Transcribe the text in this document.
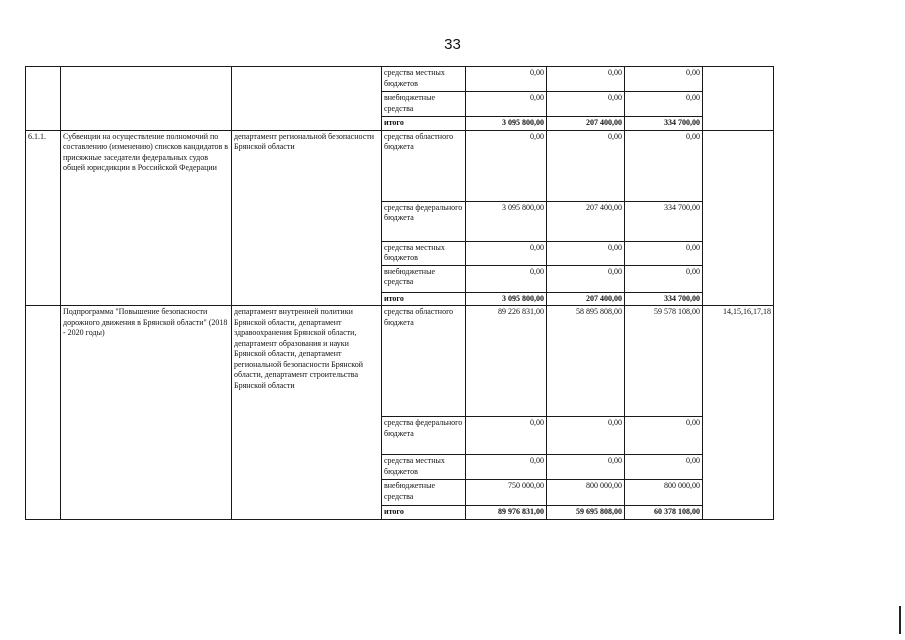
33
			средства местных бюджетов	0,00	0,00	0,00	
			внебюджетные средства	0,00	0,00	0,00	
			итого	3 095 800,00	207 400,00	334 700,00	
6.1.1.	Субвенции на осуществление полномочий по составлению (изменению) списков кандидатов в присяжные заседатели федеральных судов общей юрисдикции в Российской Федерации	департамент региональной безопасности Брянской области	средства областного бюджета	0,00	0,00	0,00	
			средства федерального бюджета	3 095 800,00	207 400,00	334 700,00	
			средства местных бюджетов	0,00	0,00	0,00	
			внебюджетные средства	0,00	0,00	0,00	
			итого	3 095 800,00	207 400,00	334 700,00	
	Подпрограмма "Повышение безопасности дорожного движения в Брянской области" (2018 - 2020 годы)	департамент внутренней политики Брянской области, департамент здравоохранения Брянской области, департамент образования и науки Брянской области, департамент региональной безопасности Брянской области, департамент строительства Брянской области	средства областного бюджета	89 226 831,00	58 895 808,00	59 578 108,00	14,15,16,17,18
			средства федерального бюджета	0,00	0,00	0,00	
			средства местных бюджетов	0,00	0,00	0,00	
			внебюджетные средства	750 000,00	800 000,00	800 000,00	
			итого	89 976 831,00	59 695 808,00	60 378 108,00	
